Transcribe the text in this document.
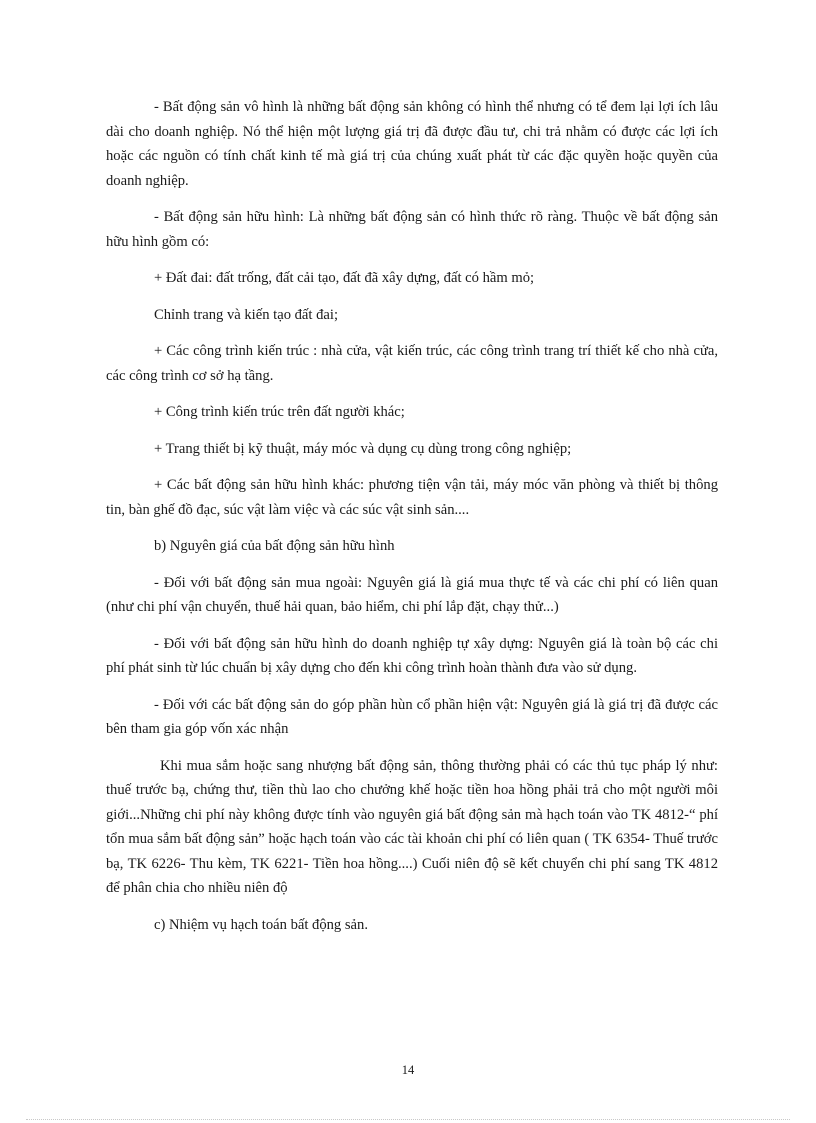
- Bất động sản vô hình là những bất động sản không có hình thể nhưng có tể đem lại lợi ích lâu dài cho doanh nghiệp. Nó thể hiện một lượng giá trị đã được đầu tư, chi trả nhằm có được các lợi ích hoặc các nguồn có tính chất kinh tế mà giá trị của chúng xuất phát từ các đặc quyền hoặc quyền của doanh nghiệp.

- Bất động sản hữu hình: Là những bất động sản có hình thức rõ ràng. Thuộc về bất động sản hữu hình gồm có:

+ Đất đai: đất trống, đất cải tạo, đất đã xây dựng, đất có hầm mỏ;

Chỉnh trang và kiến tạo đất đai;

+ Các công trình kiến trúc : nhà cửa, vật kiến trúc, các công trình trang trí thiết kế cho nhà cửa, các công trình cơ sở hạ tầng.

+ Công trình kiến trúc trên đất người khác;

+ Trang thiết bị kỹ thuật, máy móc và dụng cụ dùng trong công nghiệp;

+ Các bất động sản hữu hình khác: phương tiện vận tải, máy móc văn phòng và thiết bị thông tin, bàn ghế đồ đạc, súc vật làm việc và các súc vật sinh sản....

b) Nguyên giá của bất động sản hữu hình

- Đối với bất động sản mua ngoài: Nguyên giá là giá mua thực tế và các chi phí có liên quan (như chi phí vận chuyển, thuế hải quan, bảo hiểm, chi phí lắp đặt, chạy thử...)

- Đối với bất động sản hữu hình do doanh nghiệp tự xây dựng: Nguyên giá là toàn bộ các chi phí phát sinh từ lúc chuẩn bị xây dựng cho đến khi công trình hoàn thành đưa vào sử dụng.

- Đối với các bất động sản do góp phần hùn cổ phần hiện vật: Nguyên giá là giá trị đã được các bên tham gia góp vốn xác nhận

Khi mua sắm hoặc sang nhượng bất động sản, thông thường phải có các thủ tục pháp lý như: thuế trước bạ, chứng thư, tiền thù lao cho chưởng khế hoặc tiền hoa hồng phải trả cho một người môi giới...Những chi phí này không được tính vào nguyên giá bất động sản mà hạch toán vào TK 4812-“ phí tổn mua sắm bất động sản” hoặc hạch toán vào các tài khoản chi phí có liên quan ( TK 6354- Thuế trước bạ, TK 6226- Thu kèm, TK 6221- Tiền hoa hồng....) Cuối niên độ sẽ kết chuyển chi phí sang TK 4812 để phân chia cho nhiều niên độ

c) Nhiệm vụ hạch toán bất động sản.

14
